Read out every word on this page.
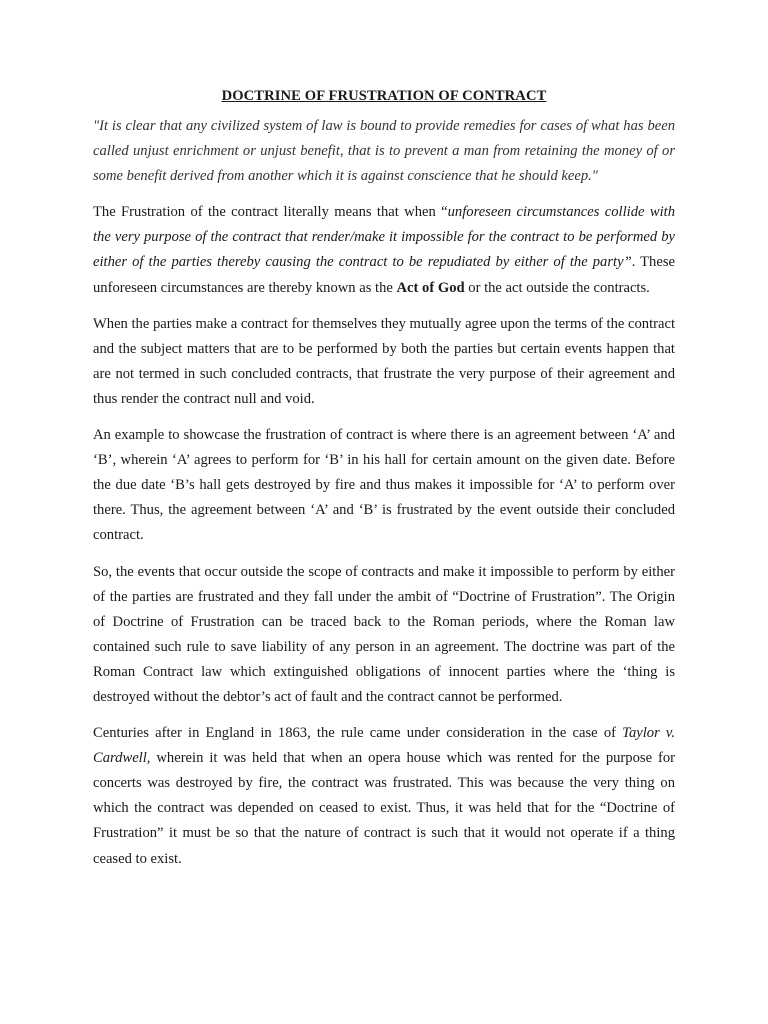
DOCTRINE OF FRUSTRATION OF CONTRACT

"It is clear that any civilized system of law is bound to provide remedies for cases of what has been called unjust enrichment or unjust benefit, that is to prevent a man from retaining the money of or some benefit derived from another which it is against conscience that he should keep."

The Frustration of the contract literally means that when “unforeseen circumstances collide with the very purpose of the contract that render/make it impossible for the contract to be performed by either of the parties thereby causing the contract to be repudiated by either of the party”. These unforeseen circumstances are thereby known as the Act of God or the act outside the contracts.

When the parties make a contract for themselves they mutually agree upon the terms of the contract and the subject matters that are to be performed by both the parties but certain events happen that are not termed in such concluded contracts, that frustrate the very purpose of their agreement and thus render the contract null and void.

An example to showcase the frustration of contract is where there is an agreement between ‘A’ and ‘B’, wherein ‘A’ agrees to perform for ‘B’ in his hall for certain amount on the given date. Before the due date ‘B’s hall gets destroyed by fire and thus makes it impossible for ‘A’ to perform over there. Thus, the agreement between ‘A’ and ‘B’ is frustrated by the event outside their concluded contract.

So, the events that occur outside the scope of contracts and make it impossible to perform by either of the parties are frustrated and they fall under the ambit of “Doctrine of Frustration”. The Origin of Doctrine of Frustration can be traced back to the Roman periods, where the Roman law contained such rule to save liability of any person in an agreement. The doctrine was part of the Roman Contract law which extinguished obligations of innocent parties where the ‘thing is destroyed without the debtor’s act of fault and the contract cannot be performed.

Centuries after in England in 1863, the rule came under consideration in the case of Taylor v. Cardwell, wherein it was held that when an opera house which was rented for the purpose for concerts was destroyed by fire, the contract was frustrated. This was because the very thing on which the contract was depended on ceased to exist. Thus, it was held that for the “Doctrine of Frustration” it must be so that the nature of contract is such that it would not operate if a thing ceased to exist.
